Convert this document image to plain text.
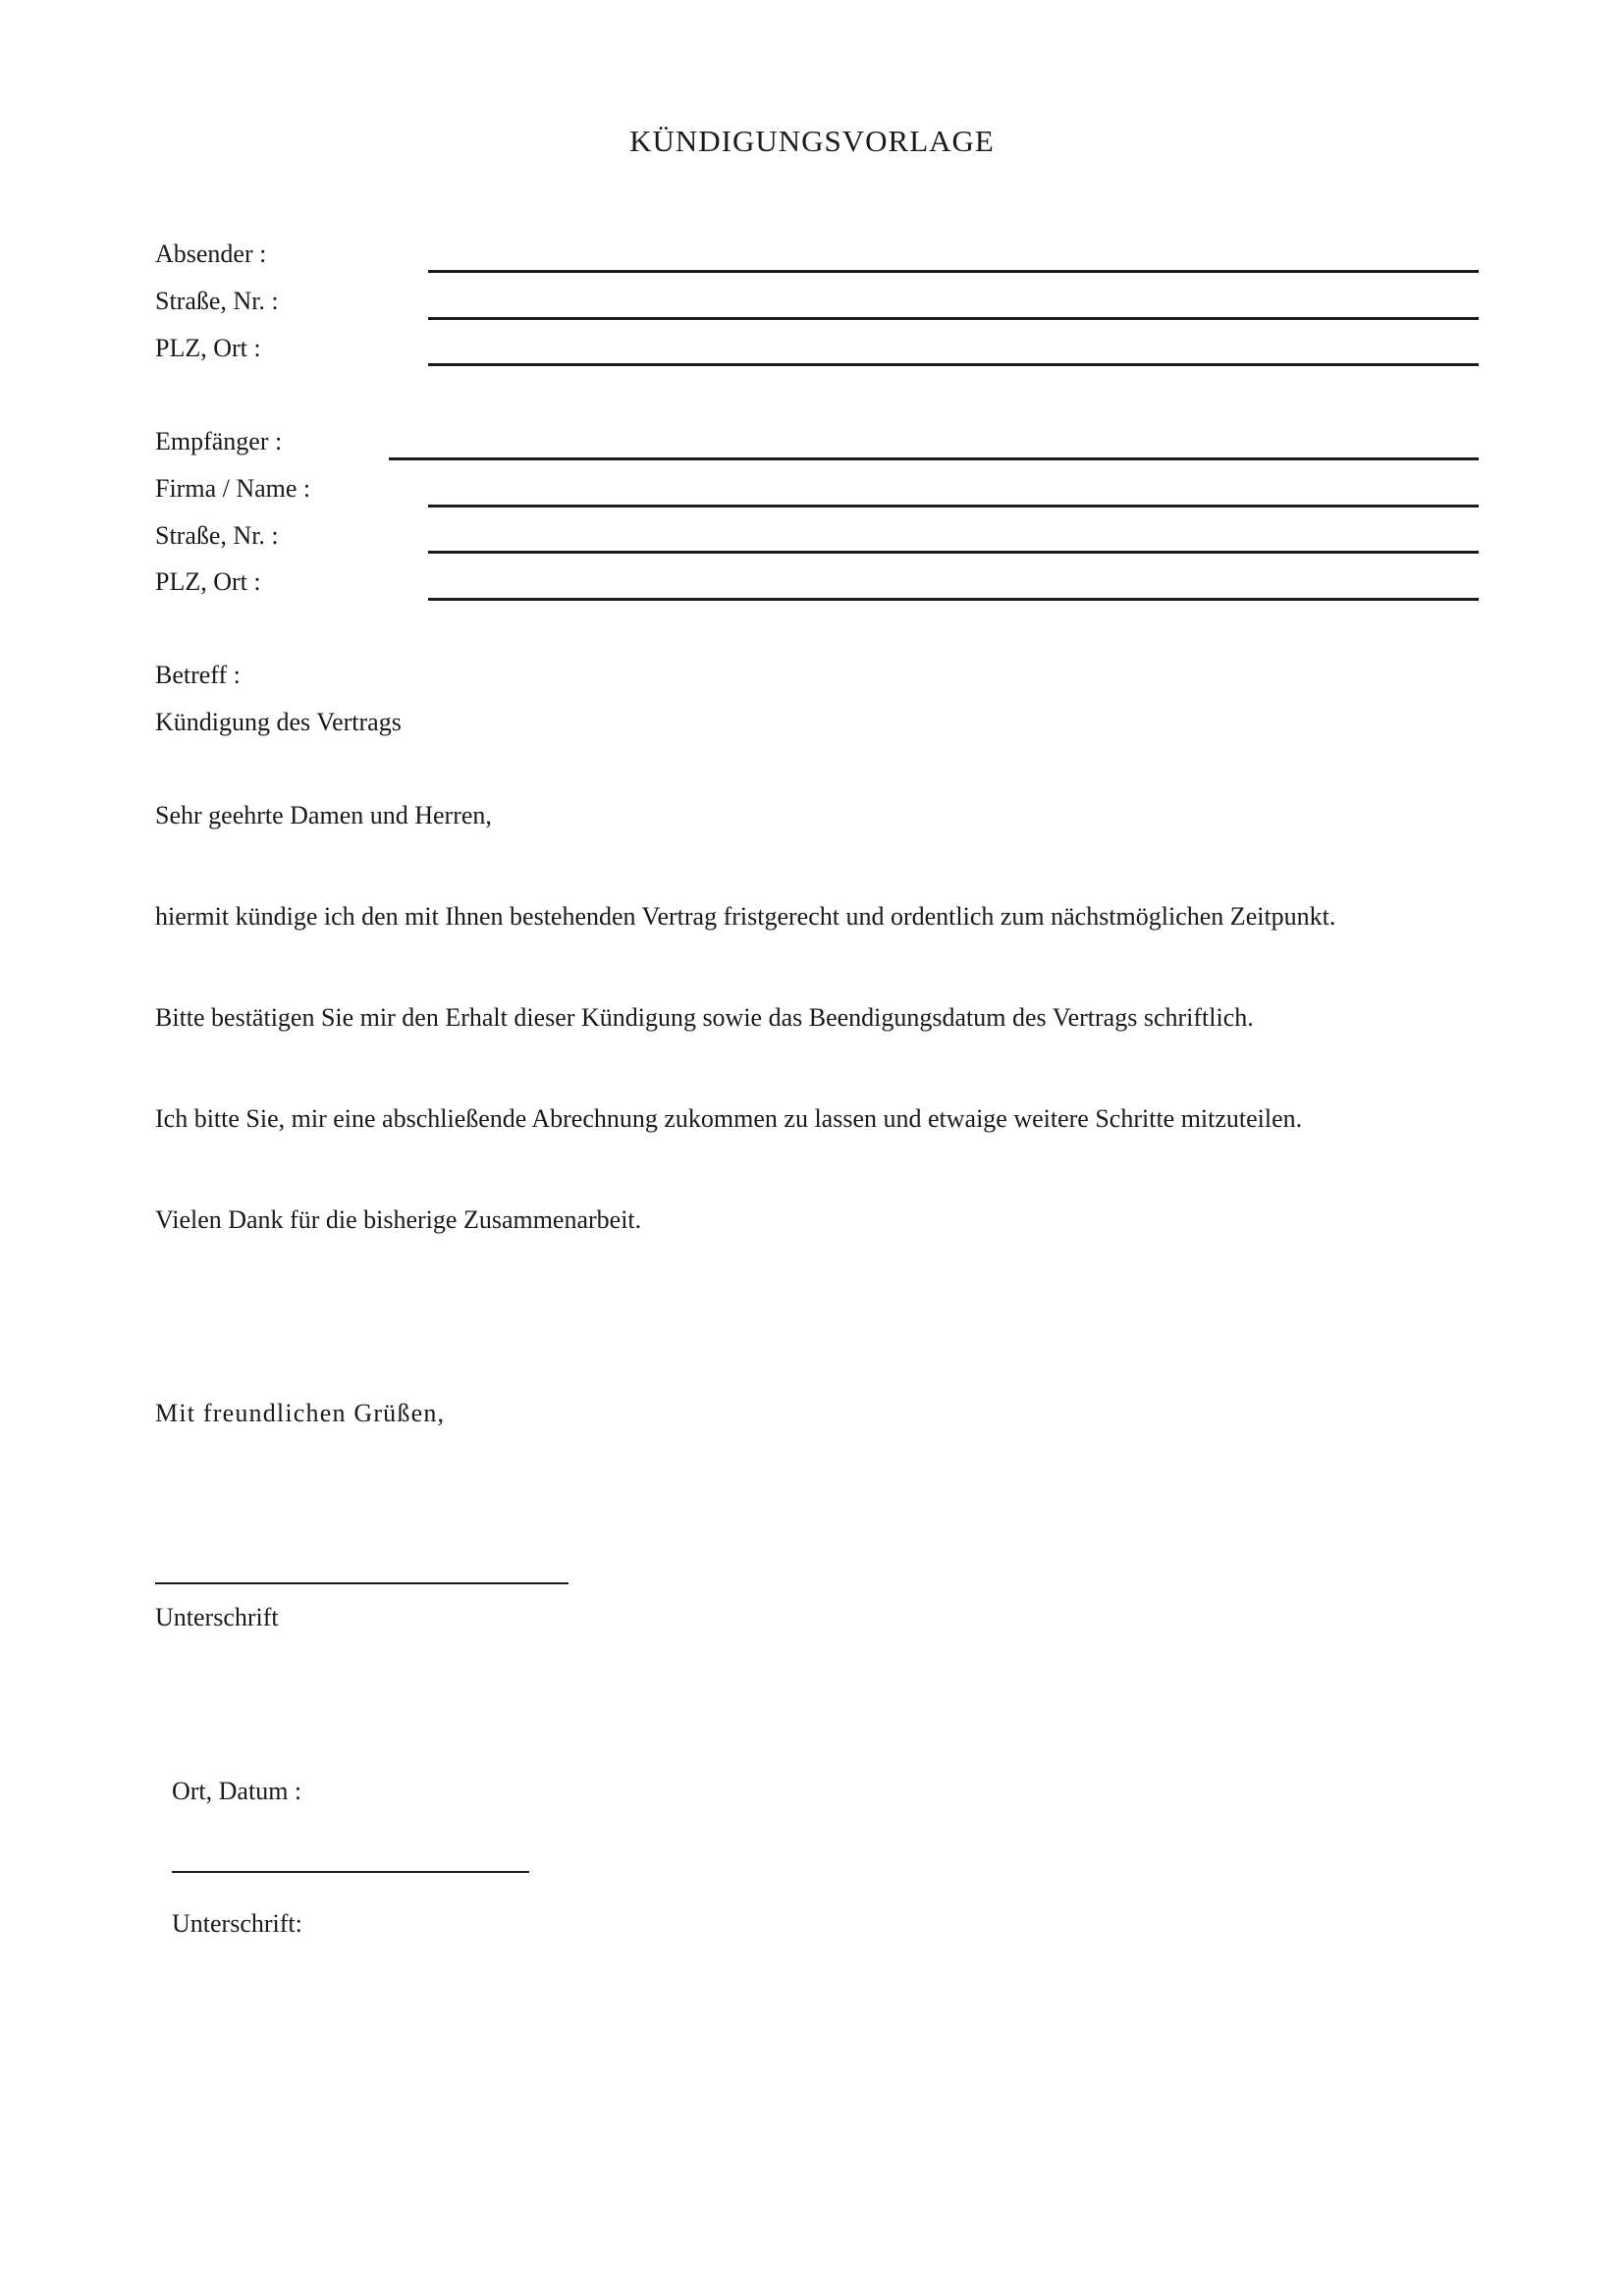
KÜNDIGUNGSVORLAGE
Absender :
Straße, Nr. :
PLZ, Ort :
Empfänger :
Firma / Name :
Straße, Nr. :
PLZ, Ort :
Betreff :
Kündigung des Vertrags
Sehr geehrte Damen und Herren,
hiermit kündige ich den mit Ihnen bestehenden Vertrag fristgerecht und ordentlich zum nächstmöglichen Zeitpunkt.
Bitte bestätigen Sie mir den Erhalt dieser Kündigung sowie das Beendigungsdatum des Vertrags schriftlich.
Ich bitte Sie, mir eine abschließende Abrechnung zukommen zu lassen und etwaige weitere Schritte mitzuteilen.
Vielen Dank für die bisherige Zusammenarbeit.
Mit freundlichen Grüßen,
Unterschrift
Ort, Datum :
Unterschrift:
